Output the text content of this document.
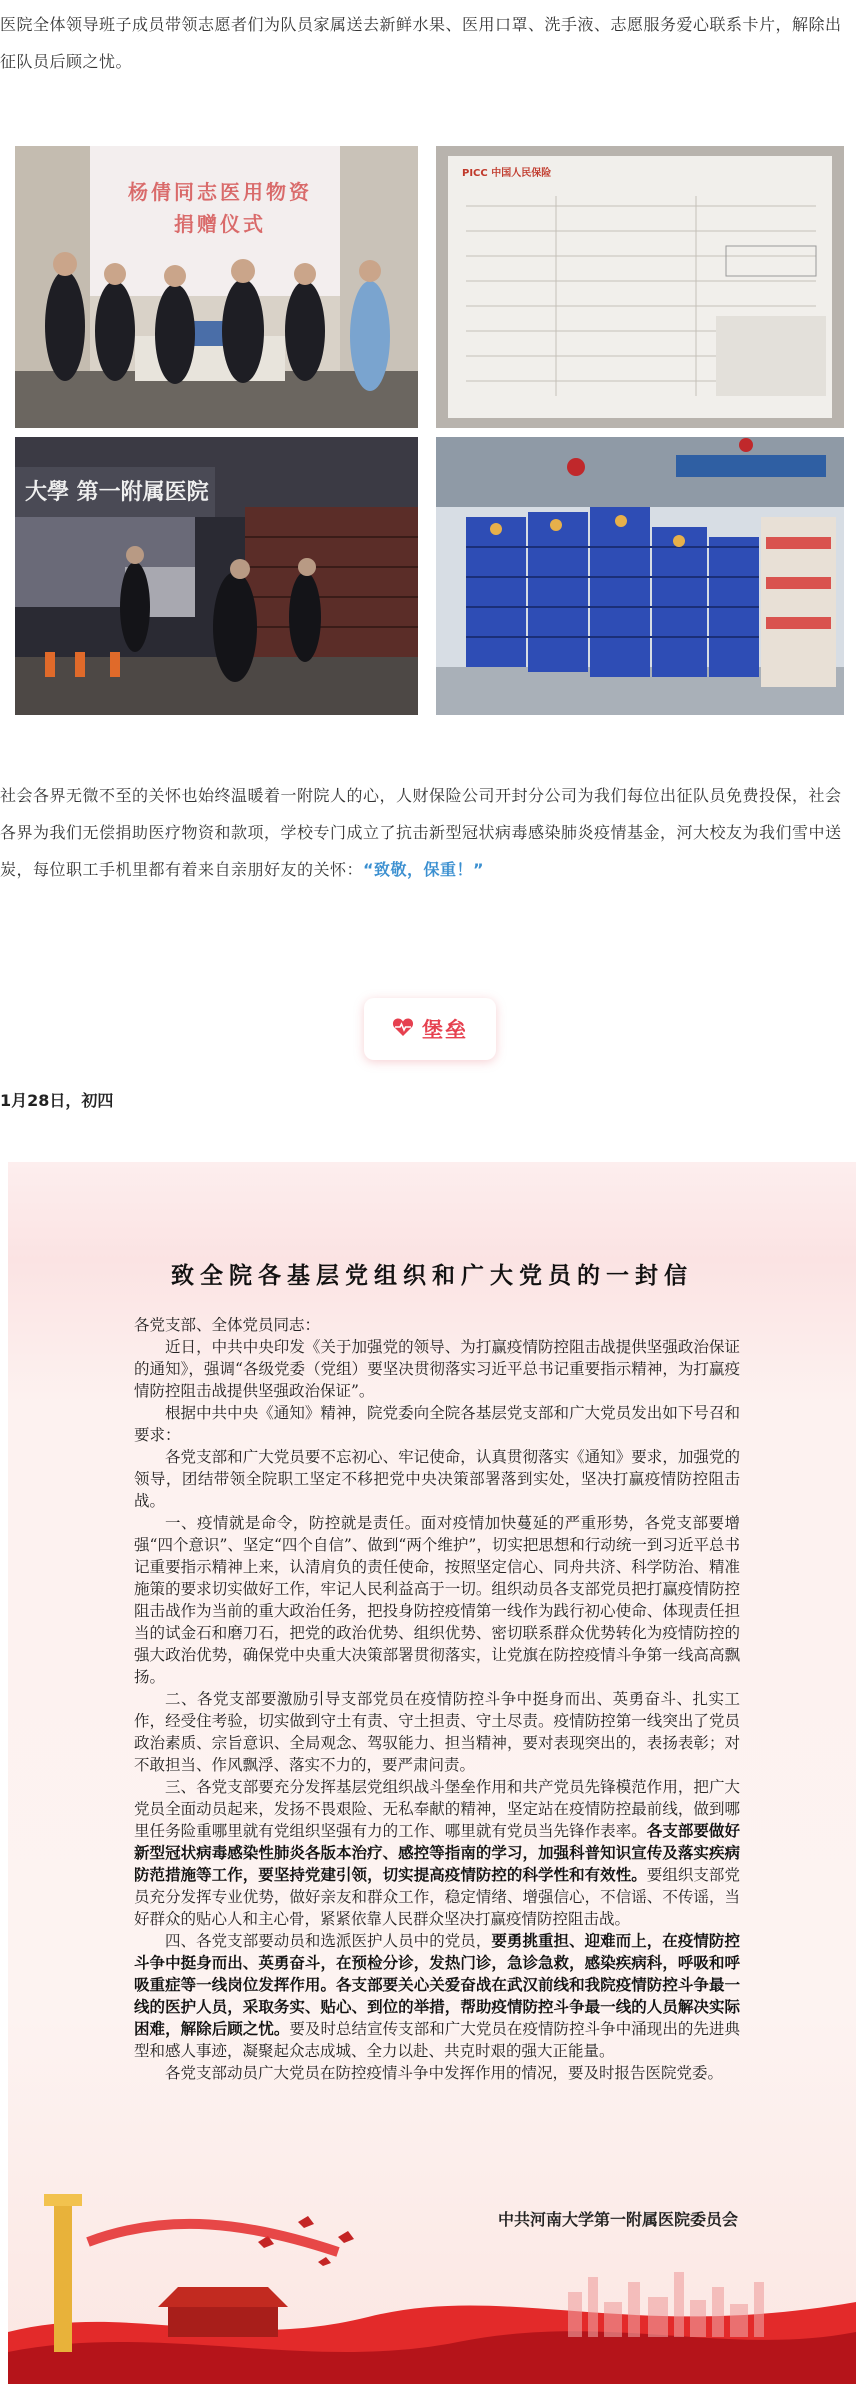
医院全体领导班子成员带领志愿者们为队员家属送去新鲜水果、医用口罩、洗手液、志愿服务爱心联系卡片，解除出征队员后顾之忧。
杨倩同志医用物资捐赠仪式
PICC 中国人民保险
大學 第一附属医院
社会各界无微不至的关怀也始终温暖着一附院人的心，人财保险公司开封分公司为我们每位出征队员免费投保，社会各界为我们无偿捐助医疗物资和款项，学校专门成立了抗击新型冠状病毒感染肺炎疫情基金，河大校友为我们雪中送炭，每位职工手机里都有着来自亲朋好友的关怀：“致敬，保重！”
堡垒
1月28日，初四
致全院各基层党组织和广大党员的一封信

各党支部、全体党员同志：

近日，中共中央印发《关于加强党的领导、为打赢疫情防控阻击战提供坚强政治保证的通知》，强调“各级党委（党组）要坚决贯彻落实习近平总书记重要指示精神，为打赢疫情防控阻击战提供坚强政治保证”。

根据中共中央《通知》精神，院党委向全院各基层党支部和广大党员发出如下号召和要求：

各党支部和广大党员要不忘初心、牢记使命，认真贯彻落实《通知》要求，加强党的领导，团结带领全院职工坚定不移把党中央决策部署落到实处，坚决打赢疫情防控阻击战。

一、疫情就是命令，防控就是责任。面对疫情加快蔓延的严重形势，各党支部要增强“四个意识”、坚定“四个自信”、做到“两个维护”，切实把思想和行动统一到习近平总书记重要指示精神上来，认清肩负的责任使命，按照坚定信心、同舟共济、科学防治、精准施策的要求切实做好工作，牢记人民利益高于一切。组织动员各支部党员把打赢疫情防控阻击战作为当前的重大政治任务，把投身防控疫情第一线作为践行初心使命、体现责任担当的试金石和磨刀石，把党的政治优势、组织优势、密切联系群众优势转化为疫情防控的强大政治优势，确保党中央重大决策部署贯彻落实，让党旗在防控疫情斗争第一线高高飘扬。

二、各党支部要激励引导支部党员在疫情防控斗争中挺身而出、英勇奋斗、扎实工作，经受住考验，切实做到守土有责、守土担责、守土尽责。疫情防控第一线突出了党员政治素质、宗旨意识、全局观念、驾驭能力、担当精神，要对表现突出的，表扬表彰；对不敢担当、作风飘浮、落实不力的，要严肃问责。

三、各党支部要充分发挥基层党组织战斗堡垒作用和共产党员先锋模范作用，把广大党员全面动员起来，发扬不畏艰险、无私奉献的精神，坚定站在疫情防控最前线，做到哪里任务险重哪里就有党组织坚强有力的工作、哪里就有党员当先锋作表率。各支部要做好新型冠状病毒感染性肺炎各版本治疗、感控等指南的学习，加强科普知识宣传及落实疾病防范措施等工作，要坚持党建引领，切实提高疫情防控的科学性和有效性。要组织支部党员充分发挥专业优势，做好亲友和群众工作，稳定情绪、增强信心，不信谣、不传谣，当好群众的贴心人和主心骨，紧紧依靠人民群众坚决打赢疫情防控阻击战。

四、各党支部要动员和选派医护人员中的党员，要勇挑重担、迎难而上，在疫情防控斗争中挺身而出、英勇奋斗，在预检分诊，发热门诊，急诊急救，感染疾病科，呼吸和呼吸重症等一线岗位发挥作用。各支部要关心关爱奋战在武汉前线和我院疫情防控斗争最一线的医护人员，采取务实、贴心、到位的举措，帮助疫情防控斗争最一线的人员解决实际困难，解除后顾之忧。要及时总结宣传支部和广大党员在疫情防控斗争中涌现出的先进典型和感人事迹，凝聚起众志成城、全力以赴、共克时艰的强大正能量。

各党支部动员广大党员在防控疫情斗争中发挥作用的情况，要及时报告医院党委。

中共河南大学第一附属医院委员会
